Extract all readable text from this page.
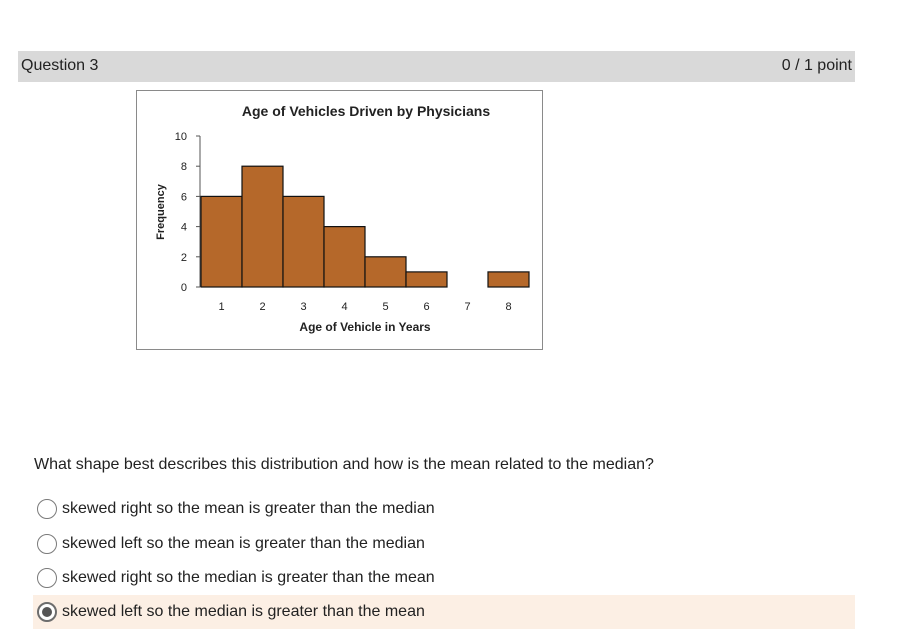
Question 3	0 / 1 point
Age of Vehicles Driven by Physicians
Frequency
Age of Vehicle in Years
0
2
4
6
8
10
1	2	3	4	5	6	7	8
What shape best describes this distribution and how is the mean related to the median?
skewed right so the mean is greater than the median
skewed left so the mean is greater than the median
skewed right so the median is greater than the mean
skewed left so the median is greater than the mean
